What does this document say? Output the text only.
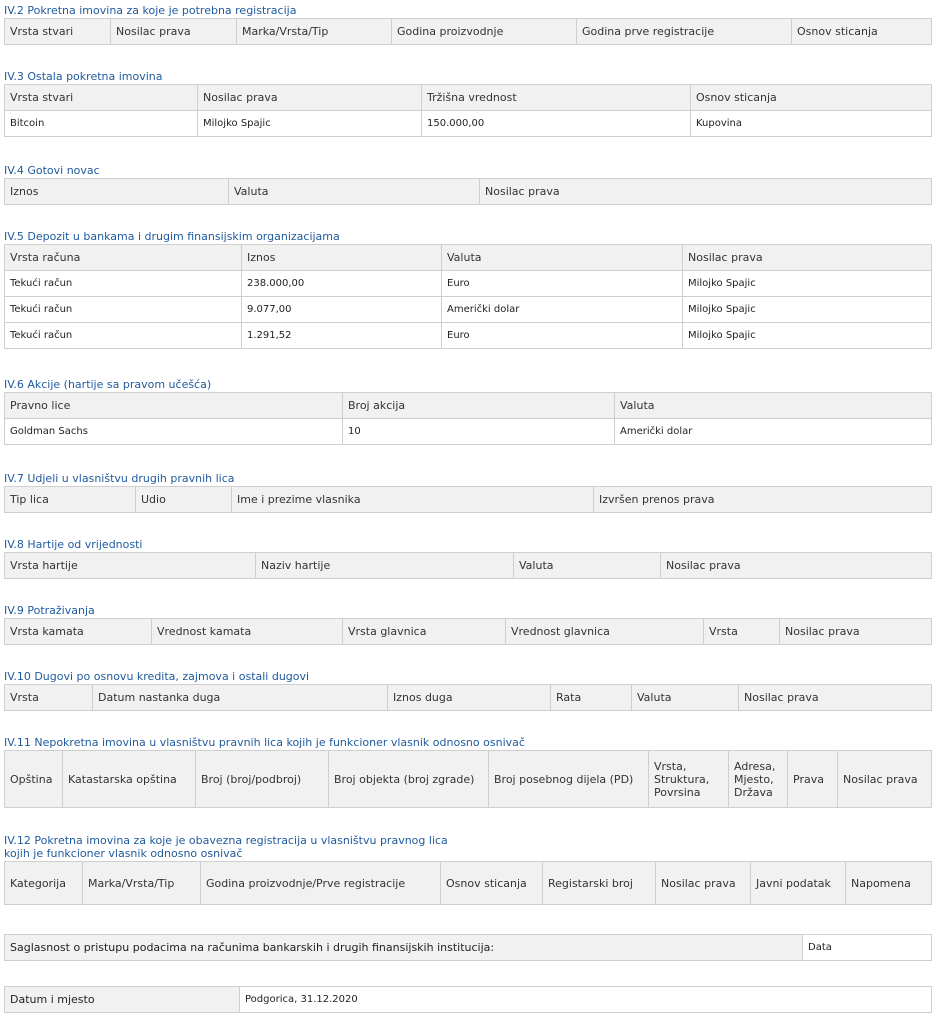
IV.2 Pokretna imovina za koje je potrebna registracija
Vrsta stvari	Nosilac prava	Marka/Vrsta/Tip	Godina proizvodnje	Godina prve registracije	Osnov sticanja
IV.3 Ostala pokretna imovina
Vrsta stvari	Nosilac prava	Tržišna vrednost	Osnov sticanja
Bitcoin	Milojko Spajic	150.000,00	Kupovina
IV.4 Gotovi novac
Iznos	Valuta	Nosilac prava
IV.5 Depozit u bankama i drugim finansijskim organizacijama
Vrsta računa	Iznos	Valuta	Nosilac prava
Tekući račun	238.000,00	Euro	Milojko Spajic
Tekući račun	9.077,00	Američki dolar	Milojko Spajic
Tekući račun	1.291,52	Euro	Milojko Spajic
IV.6 Akcije (hartije sa pravom učešća)
Pravno lice	Broj akcija	Valuta
Goldman Sachs	10	Američki dolar
IV.7 Udjeli u vlasništvu drugih pravnih lica
Tip lica	Udio	Ime i prezime vlasnika	Izvršen prenos prava
IV.8 Hartije od vrijednosti
Vrsta hartije	Naziv hartije	Valuta	Nosilac prava
IV.9 Potraživanja
Vrsta kamata	Vrednost kamata	Vrsta glavnica	Vrednost glavnica	Vrsta	Nosilac prava
IV.10 Dugovi po osnovu kredita, zajmova i ostali dugovi
Vrsta	Datum nastanka duga	Iznos duga	Rata	Valuta	Nosilac prava
IV.11 Nepokretna imovina u vlasništvu pravnih lica kojih je funkcioner vlasnik odnosno osnivač
Opština	Katastarska opština	Broj (broj/podbroj)	Broj objekta (broj zgrade)	Broj posebnog dijela (PD)	Vrsta, Struktura, Povrsina	Adresa, Mjesto, Država	Prava	Nosilac prava
IV.12 Pokretna imovina za koje je obavezna registracija u vlasništvu pravnog lica
kojih je funkcioner vlasnik odnosno osnivač
Kategorija	Marka/Vrsta/Tip	Godina proizvodnje/Prve registracije	Osnov sticanja	Registarski broj	Nosilac prava	Javni podatak	Napomena
Saglasnost o pristupu podacima na računima bankarskih i drugih finansijskih institucija:	Data
Datum i mjesto	Podgorica, 31.12.2020
